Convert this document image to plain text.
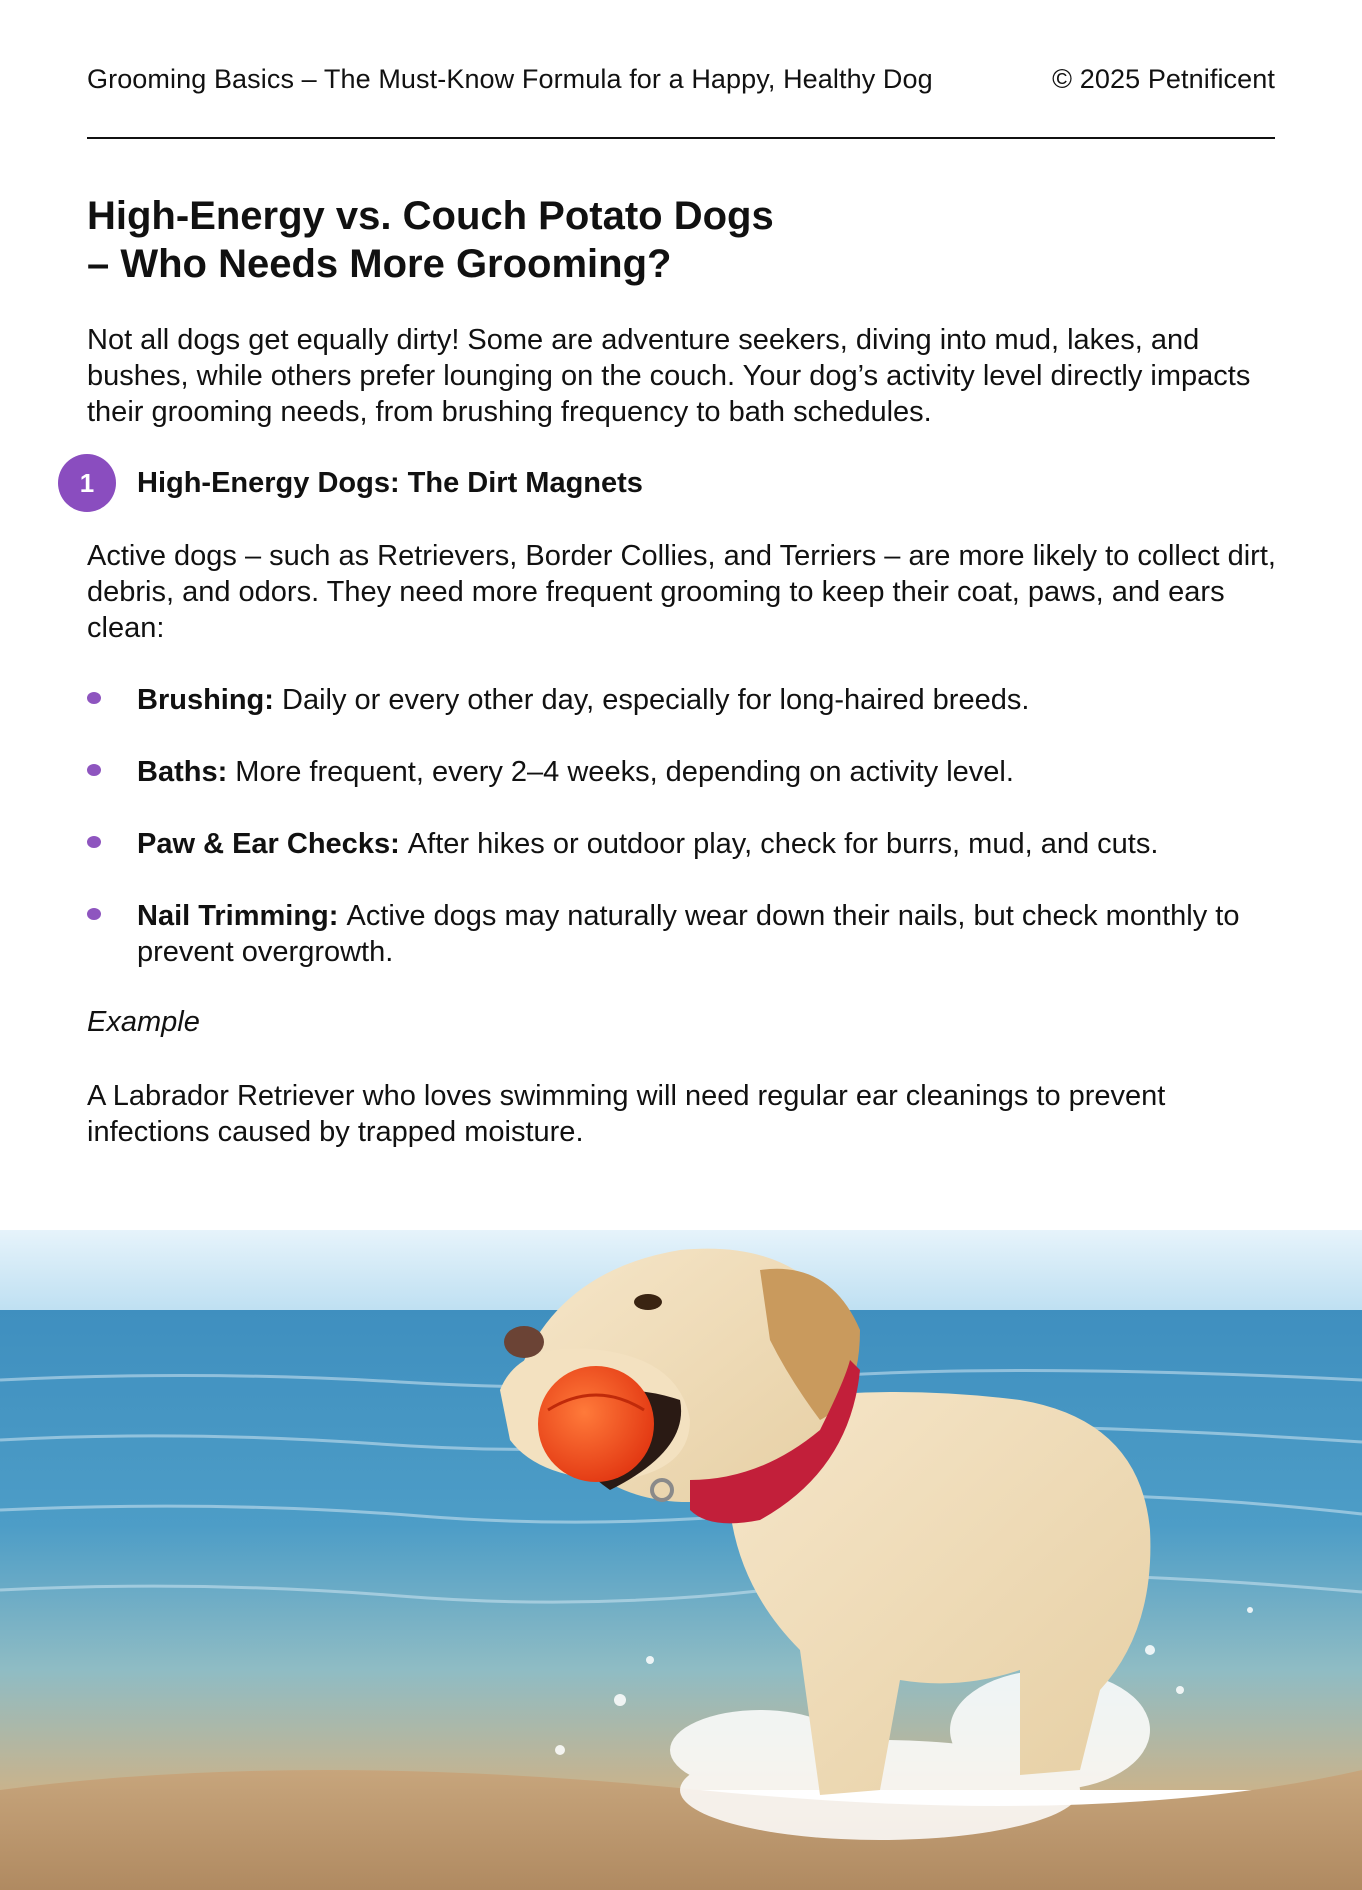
Grooming Basics – The Must-Know Formula for a Happy, Healthy Dog	© 2025 Petnificent
High-Energy vs. Couch Potato Dogs
– Who Needs More Grooming?

Not all dogs get equally dirty! Some are adventure seekers, diving into mud, lakes, and bushes, while others prefer lounging on the couch. Your dog’s activity level directly impacts their grooming needs, from brushing frequency to bath schedules.

1	High-Energy Dogs: The Dirt Magnets

Active dogs – such as Retrievers, Border Collies, and Terriers – are more likely to collect dirt, debris, and odors. They need more frequent grooming to keep their coat, paws, and ears clean:

Brushing: Daily or every other day, especially for long-haired breeds.
Baths: More frequent, every 2–4 weeks, depending on activity level.
Paw & Ear Checks: After hikes or outdoor play, check for burrs, mud, and cuts.
Nail Trimming: Active dogs may naturally wear down their nails, but check monthly to prevent overgrowth.

Example

A Labrador Retriever who loves swimming will need regular ear cleanings to prevent infections caused by trapped moisture.
